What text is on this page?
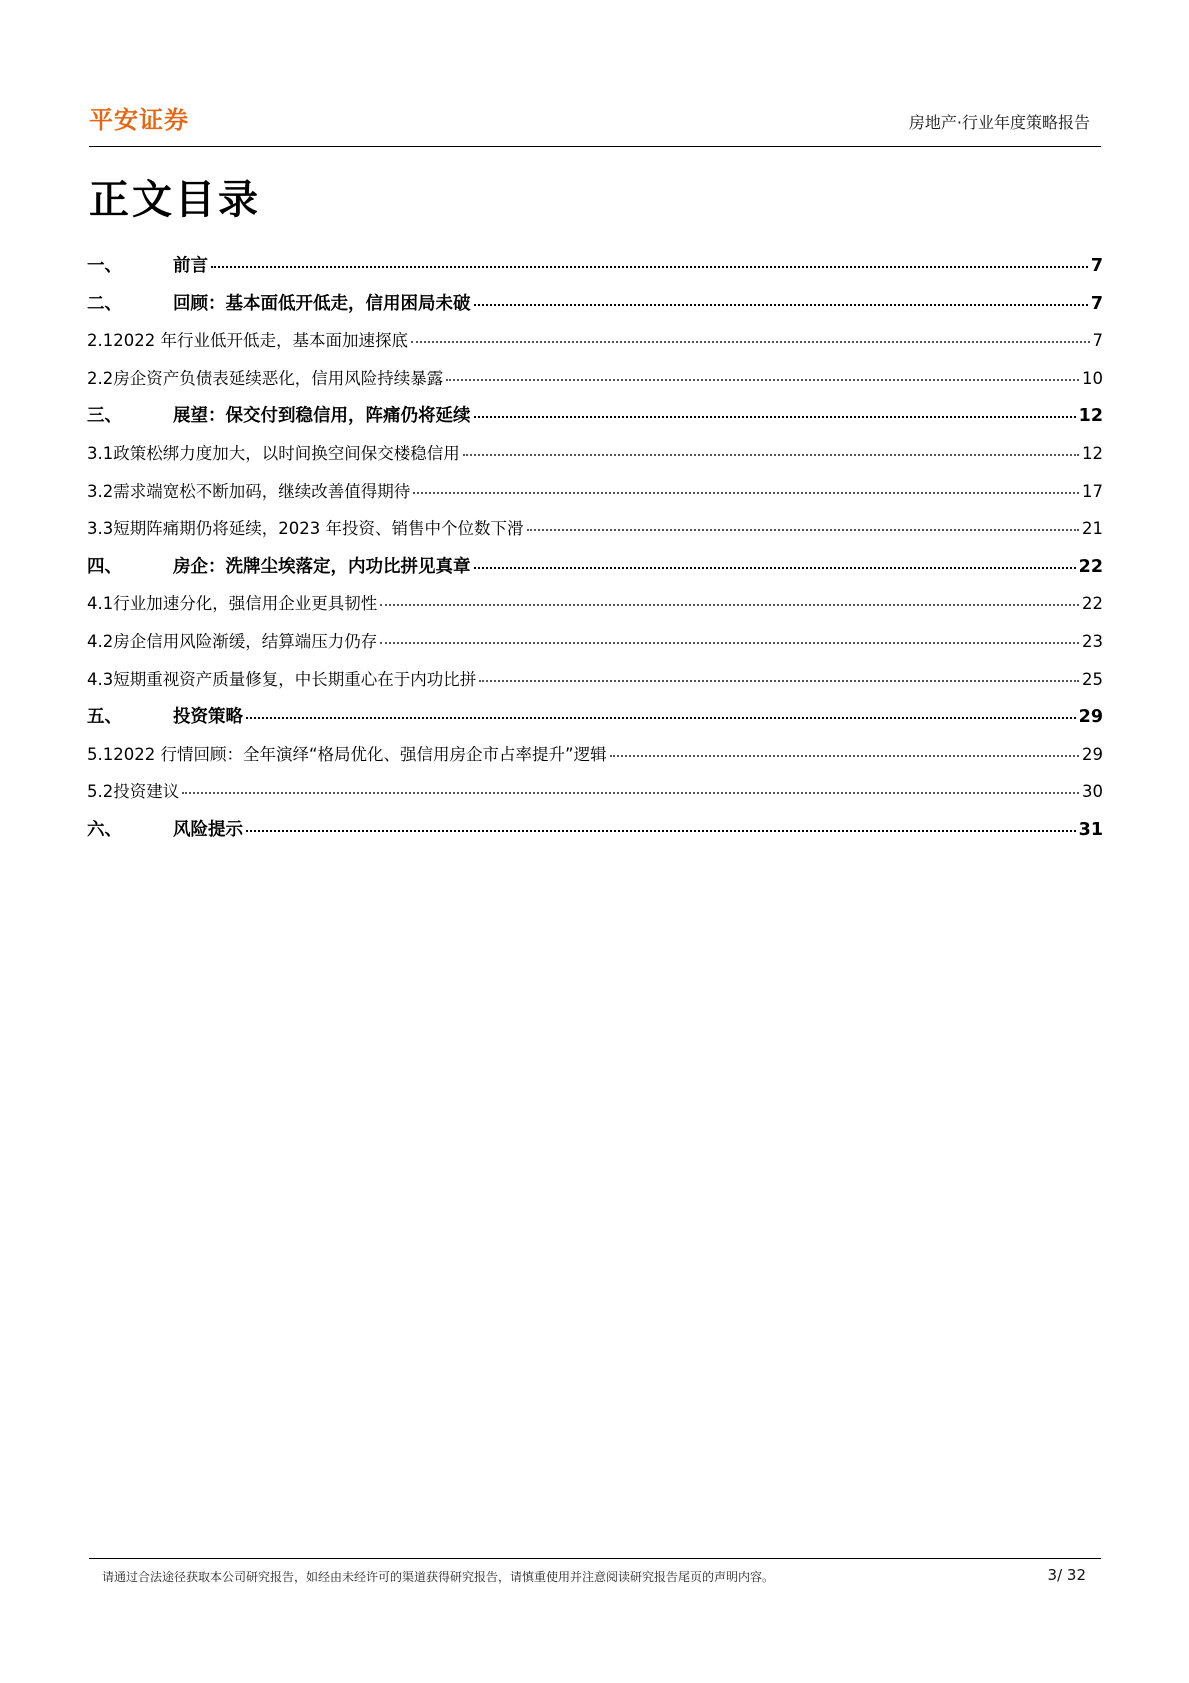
平安证券	房地产·行业年度策略报告
正文目录
一、	前言	7
二、	回顾：基本面低开低走，信用困局未破	7
2.1 2022 年行业低开低走，基本面加速探底	7
2.2 房企资产负债表延续恶化，信用风险持续暴露	10
三、	展望：保交付到稳信用，阵痛仍将延续	12
3.1 政策松绑力度加大，以时间换空间保交楼稳信用	12
3.2 需求端宽松不断加码，继续改善值得期待	17
3.3 短期阵痛期仍将延续，2023 年投资、销售中个位数下滑	21
四、	房企：洗牌尘埃落定，内功比拼见真章	22
4.1 行业加速分化，强信用企业更具韧性	22
4.2 房企信用风险渐缓，结算端压力仍存	23
4.3 短期重视资产质量修复，中长期重心在于内功比拼	25
五、	投资策略	29
5.1 2022 行情回顾：全年演绎“格局优化、强信用房企市占率提升”逻辑	29
5.2 投资建议	30
六、	风险提示	31
请通过合法途径获取本公司研究报告，如经由未经许可的渠道获得研究报告，请慎重使用并注意阅读研究报告尾页的声明内容。	3/ 32
